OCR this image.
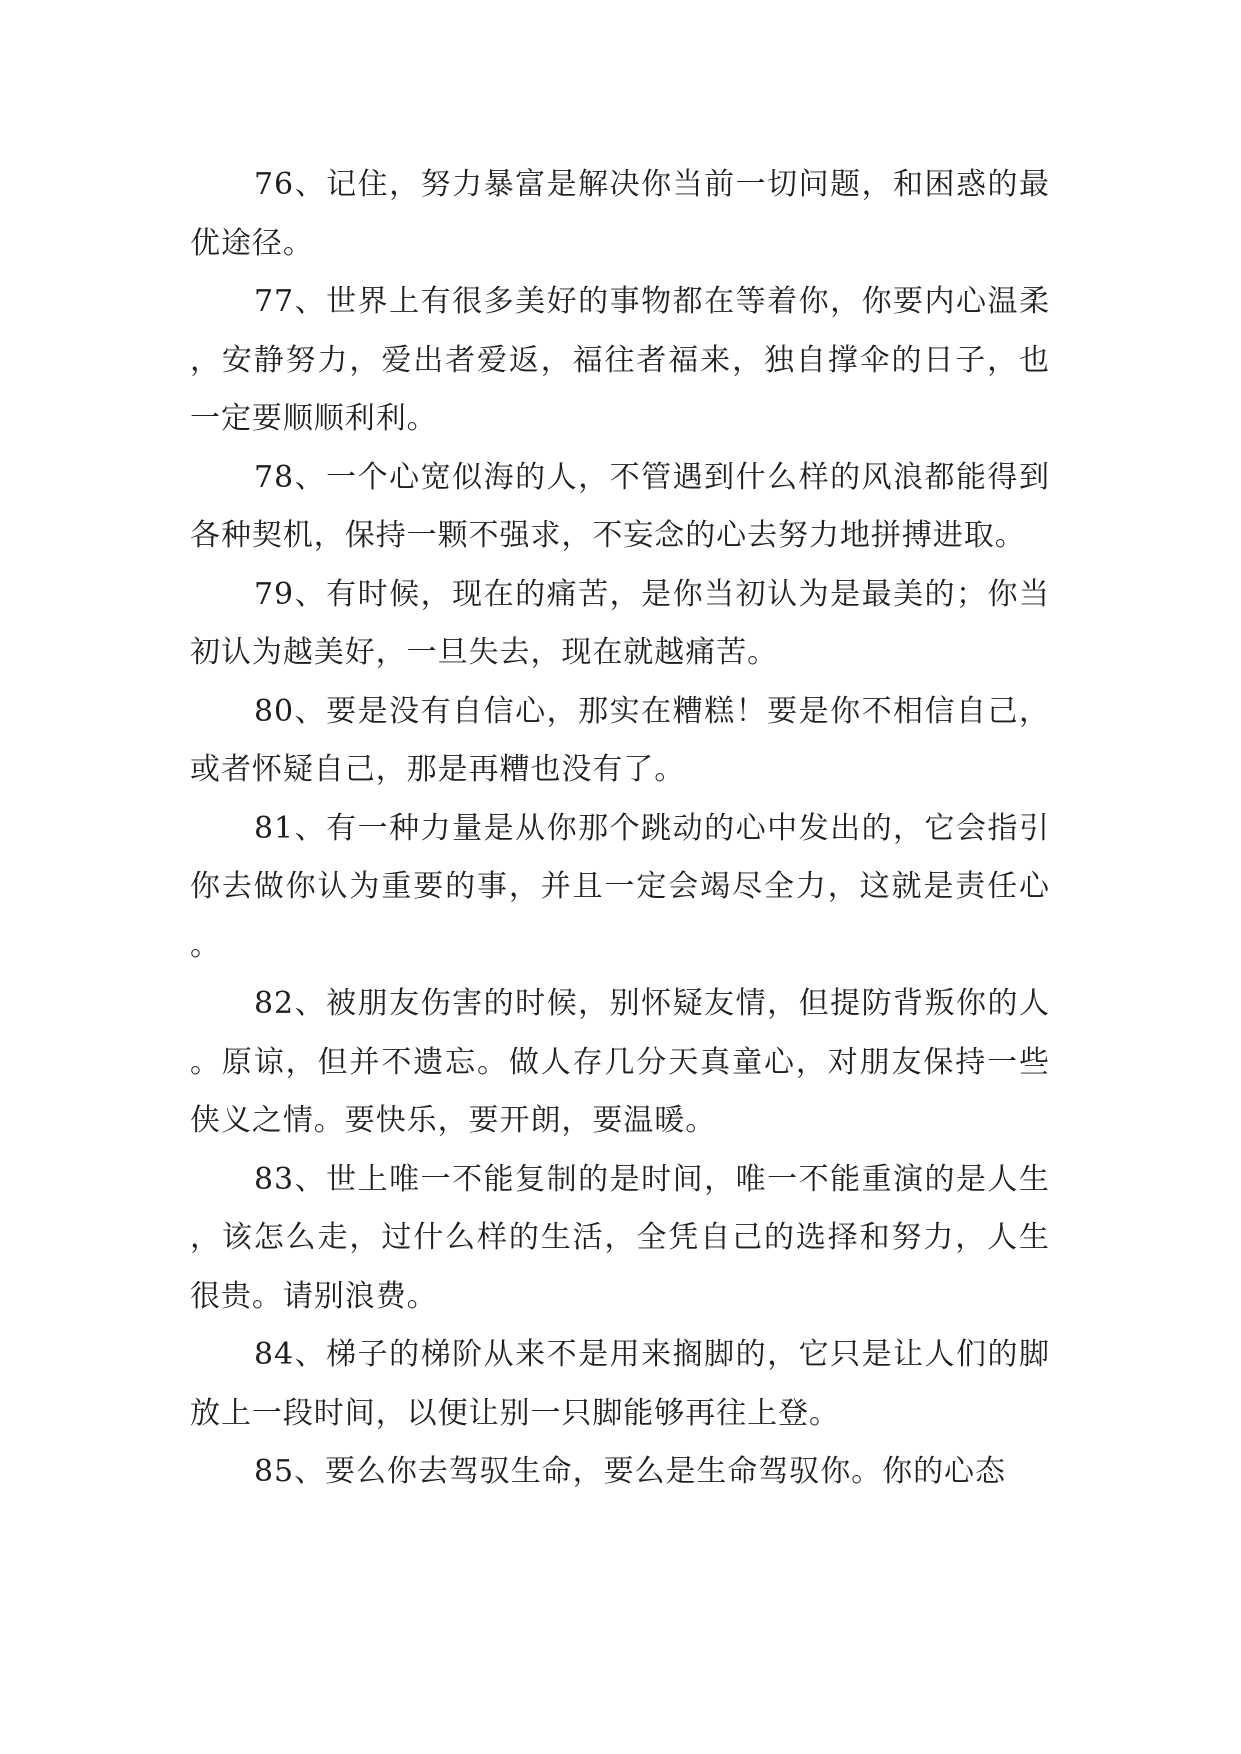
76、记住，努力暴富是解决你当前一切问题，和困惑的最优途径。

77、世界上有很多美好的事物都在等着你，你要内心温柔，安静努力，爱出者爱返，福往者福来，独自撑伞的日子，也一定要顺顺利利。

78、一个心宽似海的人，不管遇到什么样的风浪都能得到各种契机，保持一颗不强求，不妄念的心去努力地拼搏进取。

79、有时候，现在的痛苦，是你当初认为是最美的；你当初认为越美好，一旦失去，现在就越痛苦。

80、要是没有自信心，那实在糟糕！要是你不相信自己，或者怀疑自己，那是再糟也没有了。

81、有一种力量是从你那个跳动的心中发出的，它会指引你去做你认为重要的事，并且一定会竭尽全力，这就是责任心。

82、被朋友伤害的时候，别怀疑友情，但提防背叛你的人。原谅，但并不遗忘。做人存几分天真童心，对朋友保持一些侠义之情。要快乐，要开朗，要温暖。

83、世上唯一不能复制的是时间，唯一不能重演的是人生，该怎么走，过什么样的生活，全凭自己的选择和努力，人生很贵。请别浪费。

84、梯子的梯阶从来不是用来搁脚的，它只是让人们的脚放上一段时间，以便让别一只脚能够再往上登。

85、要么你去驾驭生命，要么是生命驾驭你。你的心态
